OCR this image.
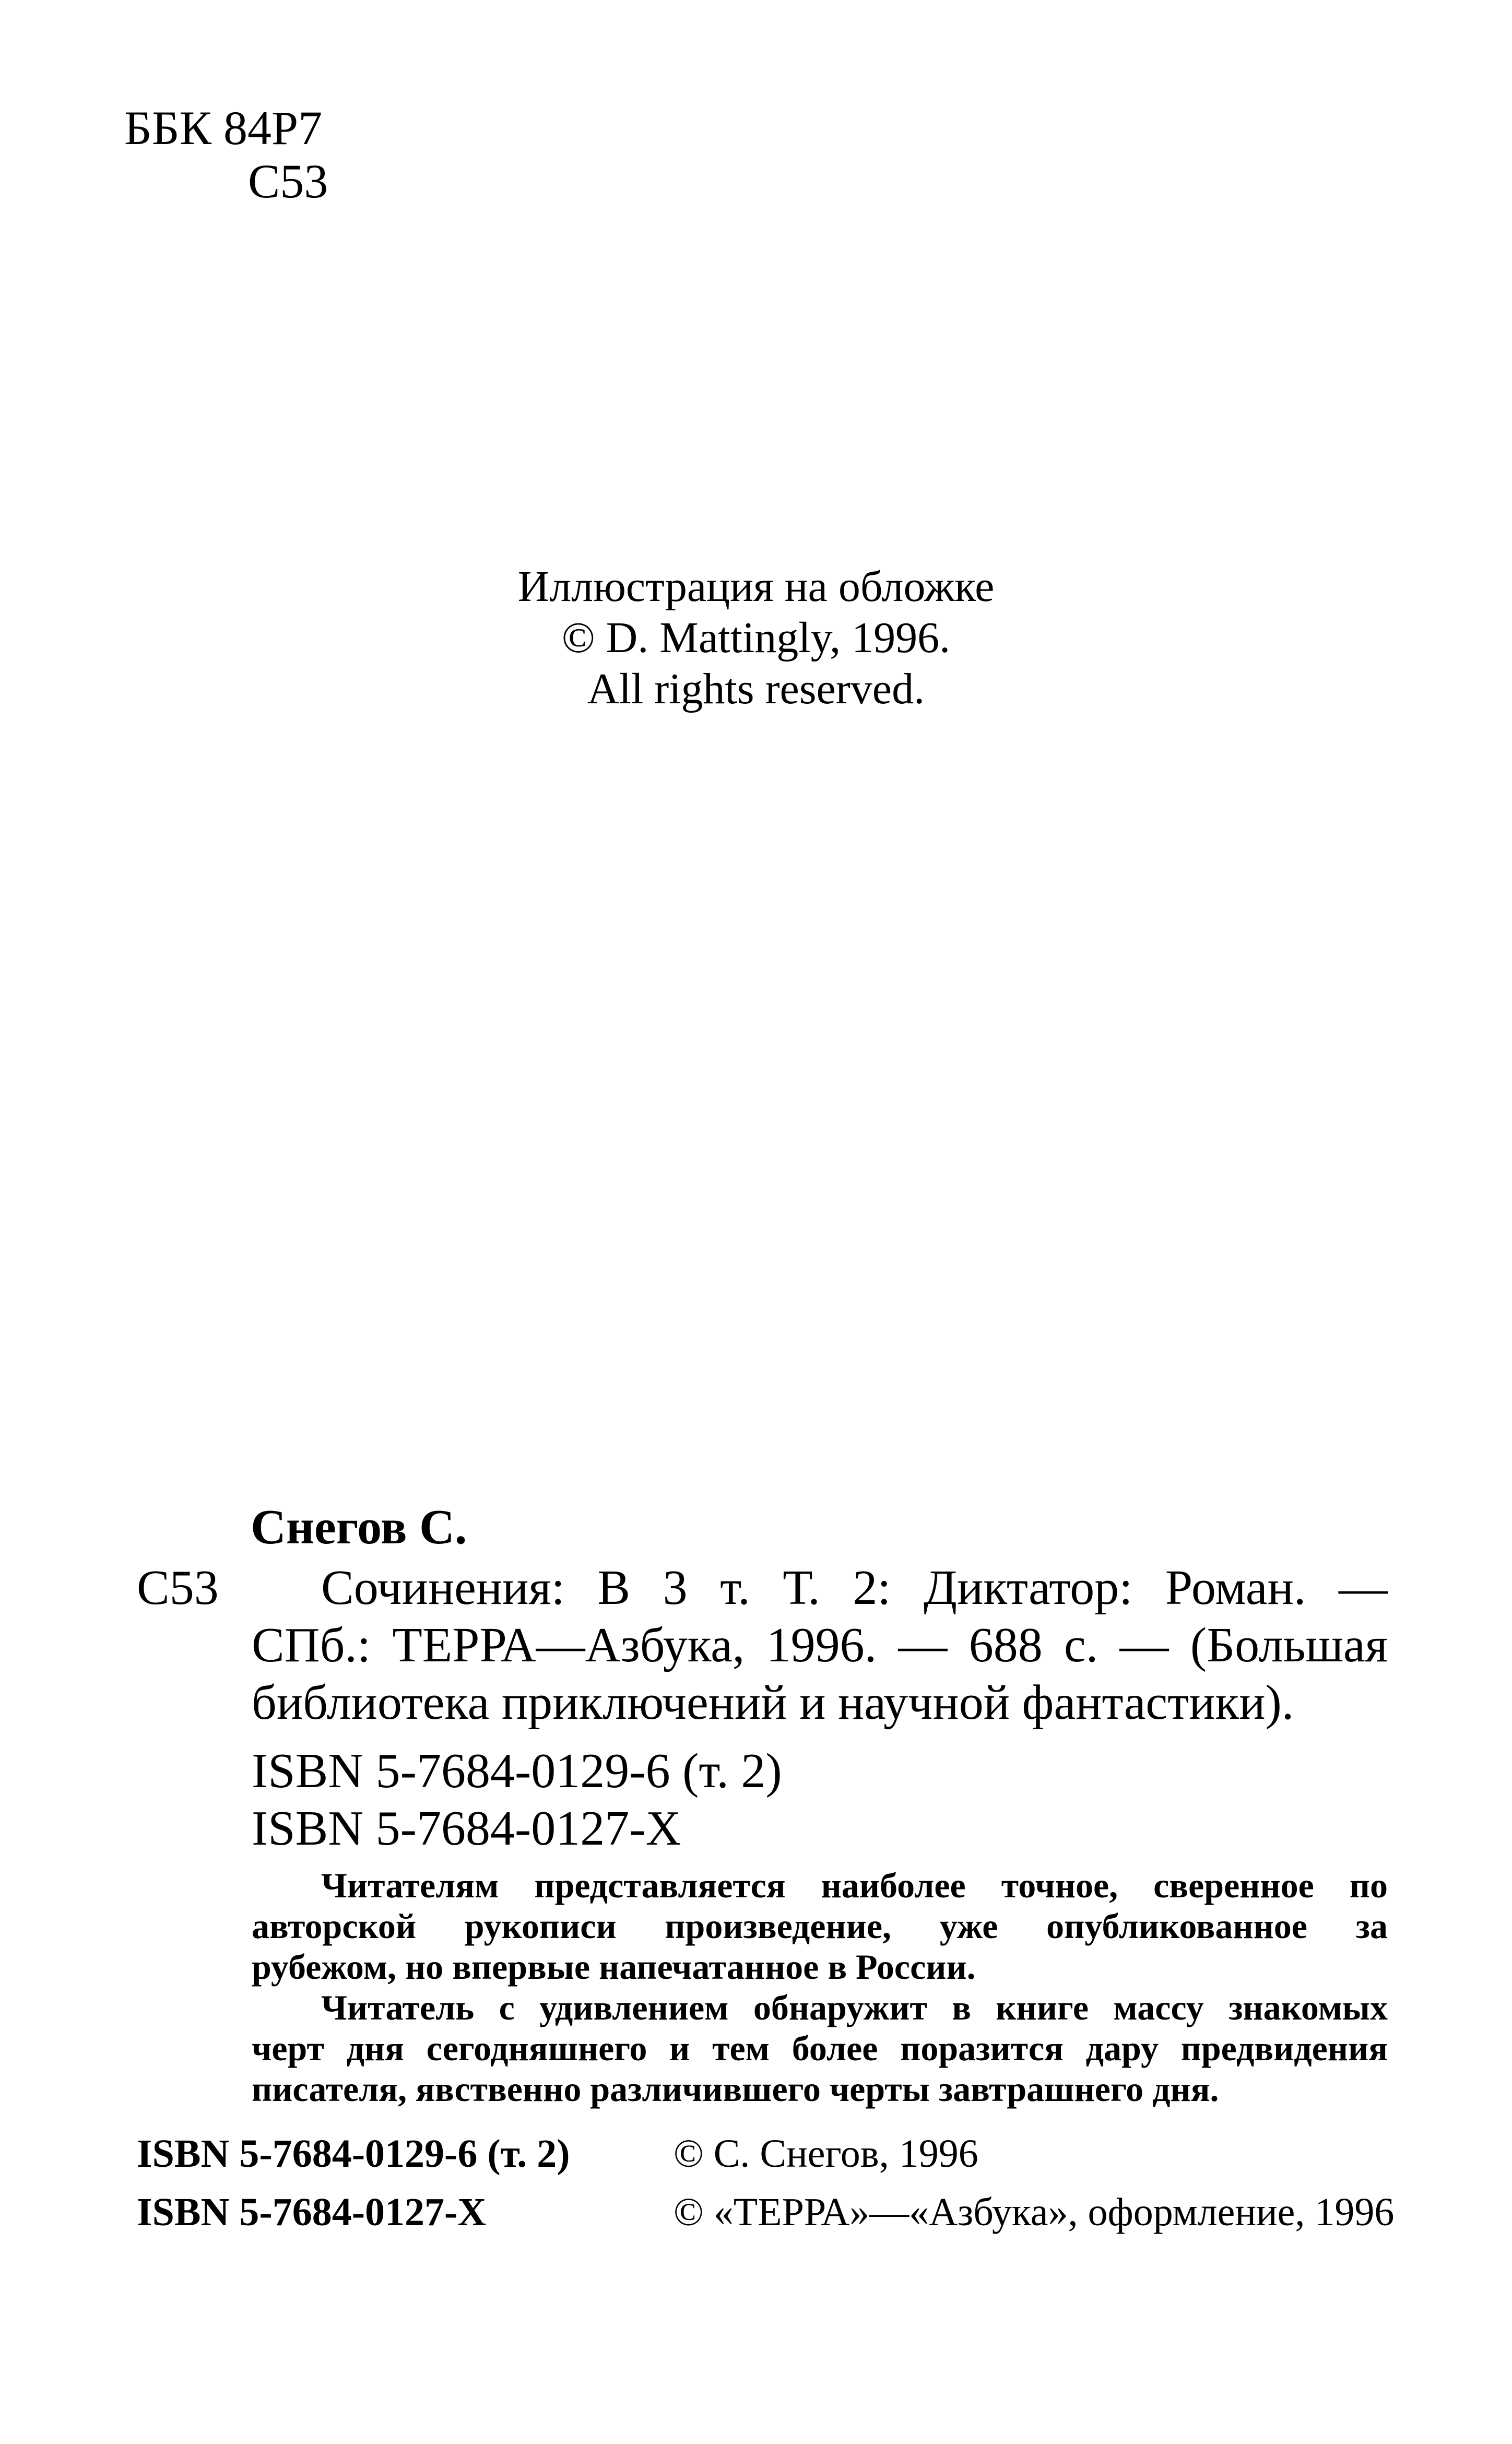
ББК 84Р7
С53
Иллюстрация на обложке
© D. Mattingly, 1996.
All rights reserved.
Снегов С.
С53 Сочинения: В 3 т. Т. 2: Диктатор: Роман. —
СПб.: ТЕРРА—Азбука, 1996. — 688 с. — (Большая
библиотека приключений и научной фантастики).
ISBN 5-7684-0129-6 (т. 2)
ISBN 5-7684-0127-Х
Читателям представляется наиболее точное, сверенное по
авторской рукописи произведение, уже опубликованное за
рубежом, но впервые напечатанное в России.
Читатель с удивлением обнаружит в книге массу знакомых
черт дня сегодняшнего и тем более поразится дару предвидения
писателя, явственно различившего черты завтрашнего дня.
ISBN 5-7684-0129-6 (т. 2)
ISBN 5-7684-0127-Х
© С. Снегов, 1996
© «ТЕРРА»—«Азбука», оформление, 1996
